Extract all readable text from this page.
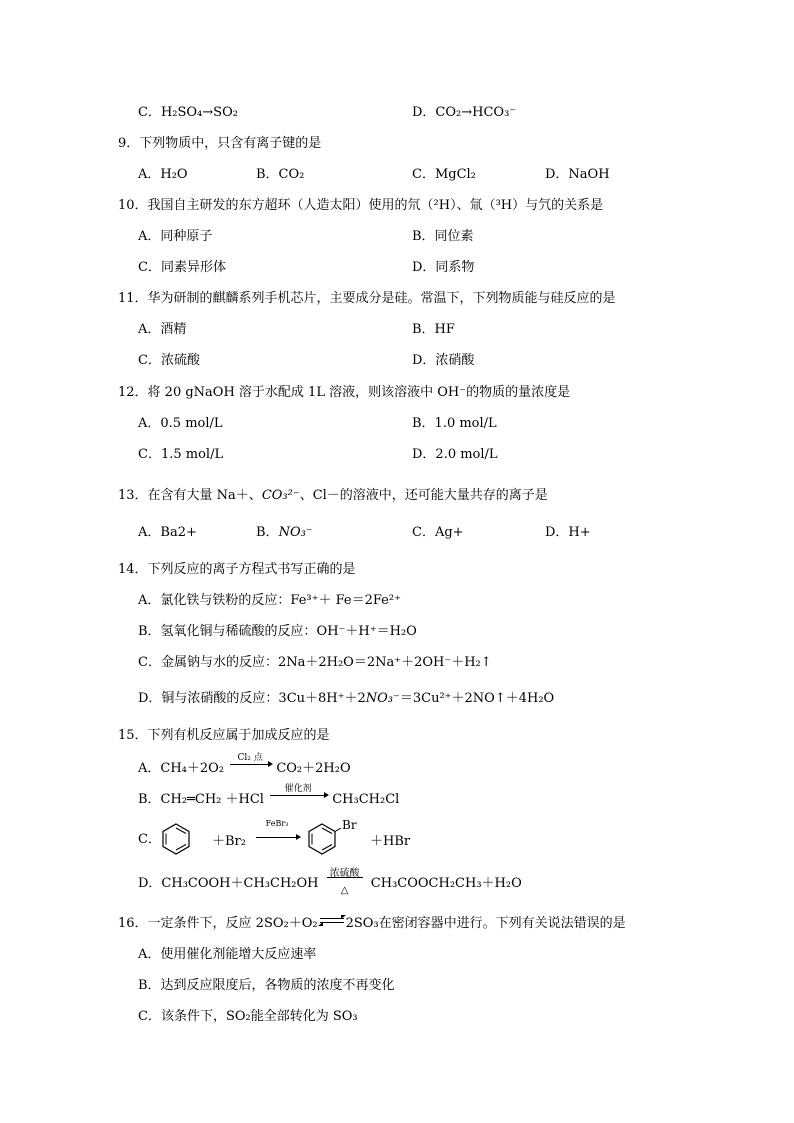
C．H₂SO₄→SO₂	D．CO₂→HCO₃⁻
9．下列物质中，只含有离子键的是
A．H₂O	B．CO₂	C．MgCl₂	D．NaOH
10．我国自主研发的东方超环（人造太阳）使用的氘（²H）、氚（³H）与氕的关系是
A．同种原子	B．同位素
C．同素异形体	D．同系物
11．华为研制的麒麟系列手机芯片，主要成分是硅。常温下，下列物质能与硅反应的是
A．酒精	B．HF
C．浓硫酸	D．浓硝酸
12．将 20 gNaOH 溶于水配成 1L 溶液，则该溶液中 OH⁻的物质的量浓度是
A．0.5 mol/L	B．1.0 mol/L
C．1.5 mol/L	D．2.0 mol/L
13．在含有大量 Na＋、CO₃²⁻、Cl－的溶液中，还可能大量共存的离子是
A．Ba2+	B．NO₃⁻	C．Ag+	D．H+
14．下列反应的离子方程式书写正确的是
A．氯化铁与铁粉的反应：Fe³⁺＋ Fe＝2Fe²⁺
B．氢氧化铜与稀硫酸的反应：OH⁻＋H⁺＝H₂O
C．金属钠与水的反应：2Na＋2H₂O＝2Na⁺＋2OH⁻＋H₂↑
D．铜与浓硝酸的反应：3Cu＋8H⁺＋2NO₃⁻＝3Cu²⁺＋2NO↑＋4H₂O
15．下列有机反应属于加成反应的是
A．CH₄＋2O₂
Cl₂ 点
CO₂＋2H₂O
B．CH₂═CH₂ ＋HCl
催化剂
CH₃CH₂Cl
C．	＋Br₂
FeBr₃	Br
＋HBr
D．CH₃COOH＋CH₃CH₂OH
浓硫酸
△	CH₃COOCH₂CH₃＋H₂O
16．一定条件下，反应 2SO₂＋O₂⇌2SO₃在密闭容器中进行。下列有关说法错误的是
A．使用催化剂能增大反应速率
B．达到反应限度后，各物质的浓度不再变化
C．该条件下，SO₂能全部转化为 SO₃
